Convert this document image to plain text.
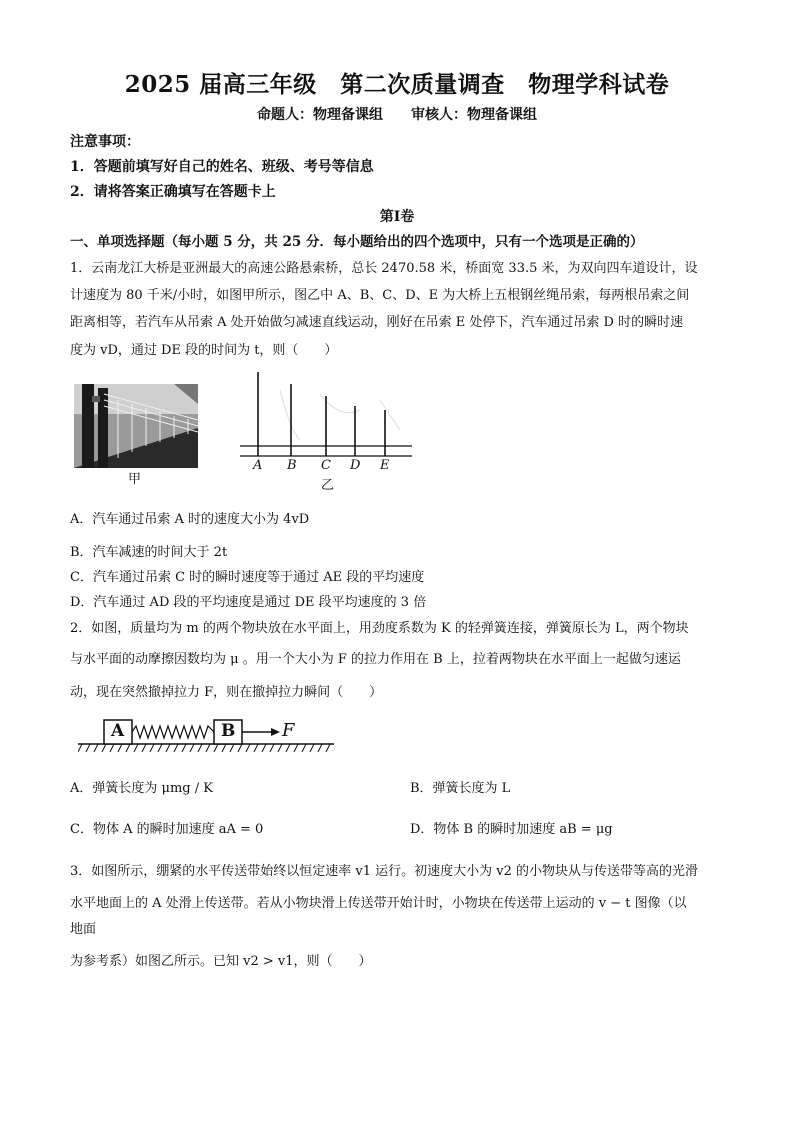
2025 届高三年级　第二次质量调查　物理学科试卷
命题人：物理备课组　　审核人：物理备课组
注意事项：
1．答题前填写好自己的姓名、班级、考号等信息
2．请将答案正确填写在答题卡上
第Ⅰ卷
一、单项选择题（每小题 5 分，共 25 分．每小题给出的四个选项中，只有一个选项是正确的）
1．云南龙江大桥是亚洲最大的高速公路悬索桥，总长 2470.58 米，桥面宽 33.5 米，为双向四车道设计，设
计速度为 80 千米/小时，如图甲所示，图乙中 A、B、C、D、E 为大桥上五根钢丝绳吊索，每两根吊索之间
距离相等，若汽车从吊索 A 处开始做匀减速直线运动，刚好在吊索 E 处停下，汽车通过吊索 D 时的瞬时速
度为 vD，通过 DE 段的时间为 t，则（　　）
甲
A B C D E
乙
A．汽车通过吊索 A 时的速度大小为 4vD
B．汽车减速的时间大于 2t
C．汽车通过吊索 C 时的瞬时速度等于通过 AE 段的平均速度
D．汽车通过 AD 段的平均速度是通过 DE 段平均速度的 3 倍
2．如图，质量均为 m 的两个物块放在水平面上，用劲度系数为 K 的轻弹簧连接，弹簧原长为 L，两个物块
与水平面的动摩擦因数均为 μ 。用一个大小为 F 的拉力作用在 B 上，拉着两物块在水平面上一起做匀速运
动，现在突然撤掉拉力 F，则在撤掉拉力瞬间（　　）
A	B	F
A．弹簧长度为 μmg / K	B．弹簧长度为 L
C．物体 A 的瞬时加速度 aA = 0	D．物体 B 的瞬时加速度 aB = μg
3．如图所示，绷紧的水平传送带始终以恒定速率 v1 运行。初速度大小为 v2 的小物块从与传送带等高的光滑
水平地面上的 A 处滑上传送带。若从小物块滑上传送带开始计时，小物块在传送带上运动的 v − t 图像（以
地面
为参考系）如图乙所示。已知 v2 > v1，则（　　）
